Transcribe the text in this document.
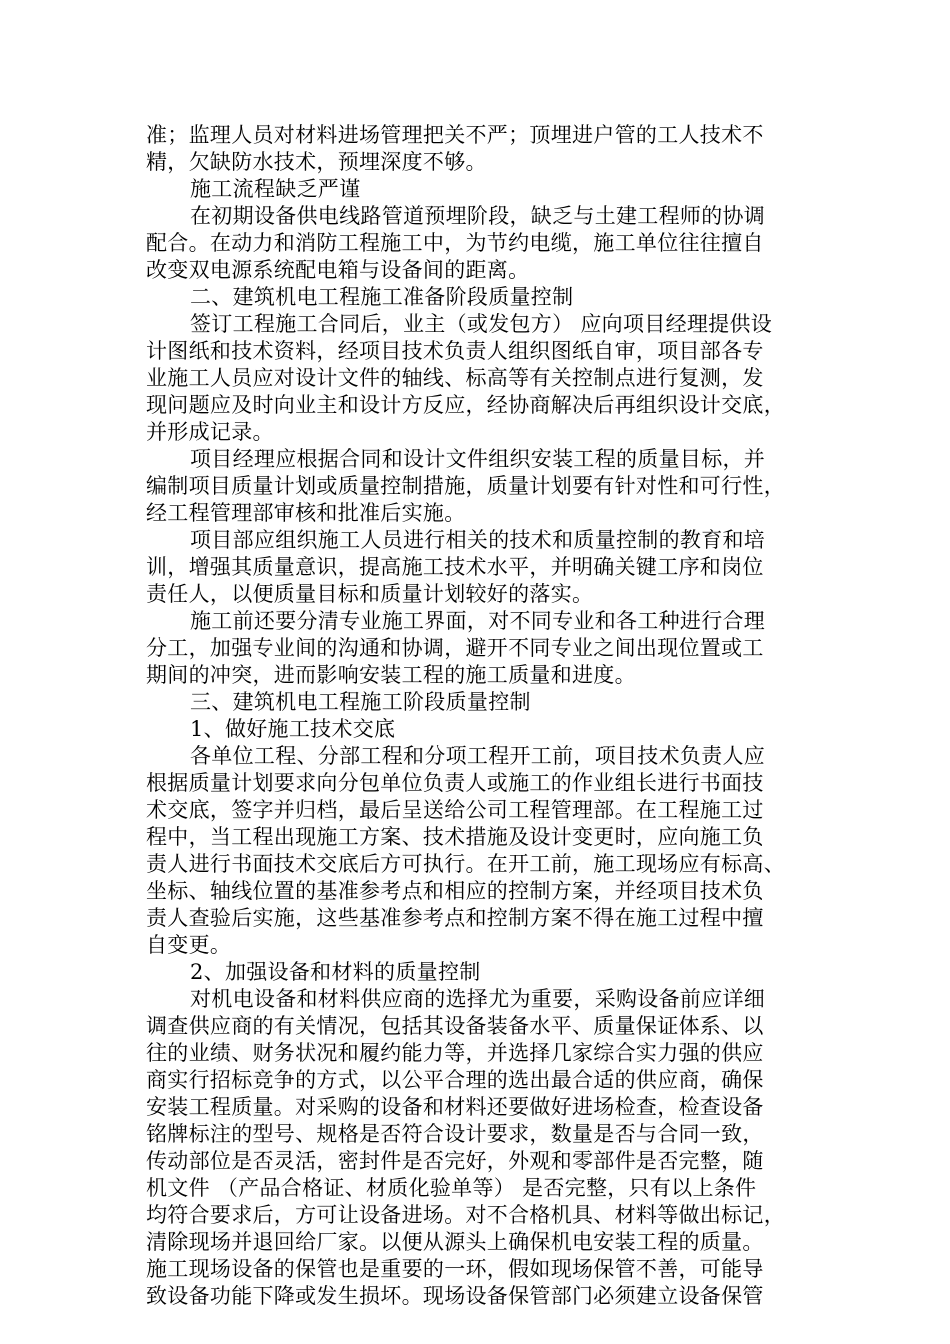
准；监理人员对材料进场管理把关不严；顶埋进户管的工人技术不
精，欠缺防水技术，预埋深度不够。
施工流程缺乏严谨
在初期设备供电线路管道预埋阶段，缺乏与土建工程师的协调
配合。在动力和消防工程施工中，为节约电缆，施工单位往往擅自
改变双电源系统配电箱与设备间的距离。
二、建筑机电工程施工准备阶段质量控制
签订工程施工合同后，业主（或发包方） 应向项目经理提供设
计图纸和技术资料，经项目技术负责人组织图纸自审，项目部各专
业施工人员应对设计文件的轴线、标高等有关控制点进行复测，发
现问题应及时向业主和设计方反应，经协商解决后再组织设计交底，
并形成记录。
项目经理应根据合同和设计文件组织安装工程的质量目标，并
编制项目质量计划或质量控制措施，质量计划要有针对性和可行性，
经工程管理部审核和批准后实施。
项目部应组织施工人员进行相关的技术和质量控制的教育和培
训，增强其质量意识，提高施工技术水平，并明确关键工序和岗位
责任人，以便质量目标和质量计划较好的落实。
施工前还要分清专业施工界面，对不同专业和各工种进行合理
分工，加强专业间的沟通和协调，避开不同专业之间出现位置或工
期间的冲突，进而影响安装工程的施工质量和进度。
三、建筑机电工程施工阶段质量控制
1、做好施工技术交底
各单位工程、分部工程和分项工程开工前，项目技术负责人应
根据质量计划要求向分包单位负责人或施工的作业组长进行书面技
术交底，签字并归档，最后呈送给公司工程管理部。在工程施工过
程中，当工程出现施工方案、技术措施及设计变更时，应向施工负
责人进行书面技术交底后方可执行。在开工前，施工现场应有标高、
坐标、轴线位置的基准参考点和相应的控制方案，并经项目技术负
责人查验后实施，这些基准参考点和控制方案不得在施工过程中擅
自变更。
2、加强设备和材料的质量控制
对机电设备和材料供应商的选择尤为重要，采购设备前应详细
调查供应商的有关情况，包括其设备装备水平、质量保证体系、以
往的业绩、财务状况和履约能力等，并选择几家综合实力强的供应
商实行招标竞争的方式，以公平合理的选出最合适的供应商，确保
安装工程质量。对采购的设备和材料还要做好进场检查，检查设备
铭牌标注的型号、规格是否符合设计要求，数量是否与合同一致，
传动部位是否灵活，密封件是否完好，外观和零部件是否完整，随
机文件 （产品合格证、材质化验单等） 是否完整，只有以上条件
均符合要求后，方可让设备进场。对不合格机具、材料等做出标记，
清除现场并退回给厂家。以便从源头上确保机电安装工程的质量。
施工现场设备的保管也是重要的一环，假如现场保管不善，可能导
致设备功能下降或发生损坏。现场设备保管部门必须建立设备保管
